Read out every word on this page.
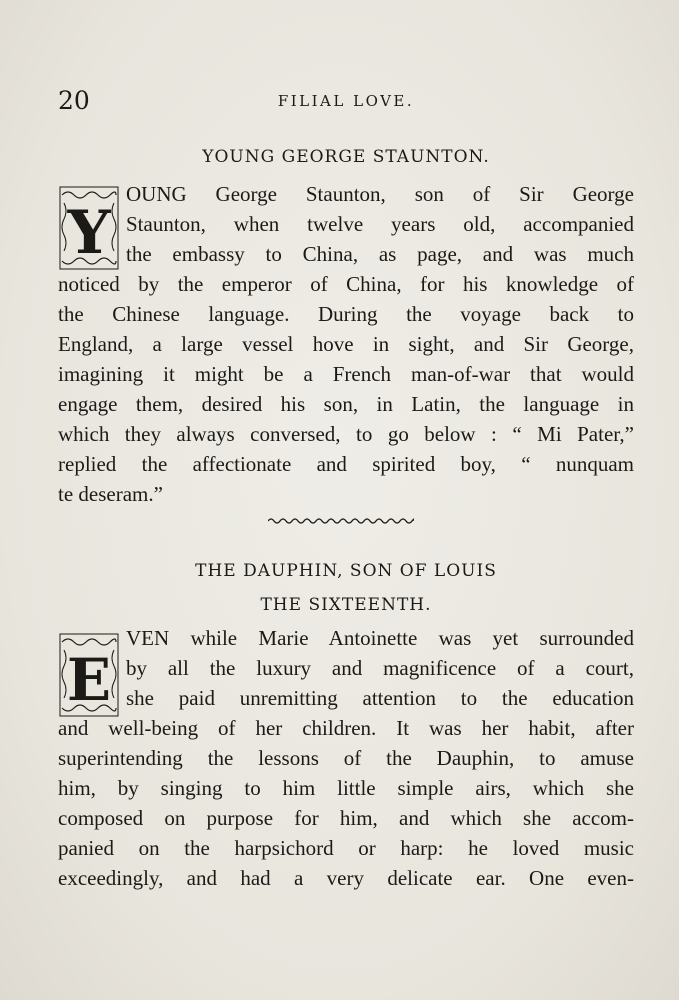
20	FILIAL LOVE.
YOUNG GEORGE STAUNTON.
Y
OUNG George Staunton, son of Sir George
Staunton, when twelve years old, accompanied
the embassy to China, as page, and was much
noticed by the emperor of China, for his knowledge of
the Chinese language. During the voyage back to
England, a large vessel hove in sight, and Sir George,
imagining it might be a French man-of-war that would
engage them, desired his son, in Latin, the language in
which they always conversed, to go below : “ Mi Pater,”
replied the affectionate and spirited boy, “ nunquam
te deseram.”
THE DAUPHIN, SON OF LOUIS
THE SIXTEENTH.
E
VEN while Marie Antoinette was yet surrounded
by all the luxury and magnificence of a court,
she paid unremitting attention to the education
and well-being of her children. It was her habit, after
superintending the lessons of the Dauphin, to amuse
him, by singing to him little simple airs, which she
composed on purpose for him, and which she accom-
panied on the harpsichord or harp: he loved music
exceedingly, and had a very delicate ear. One even-
